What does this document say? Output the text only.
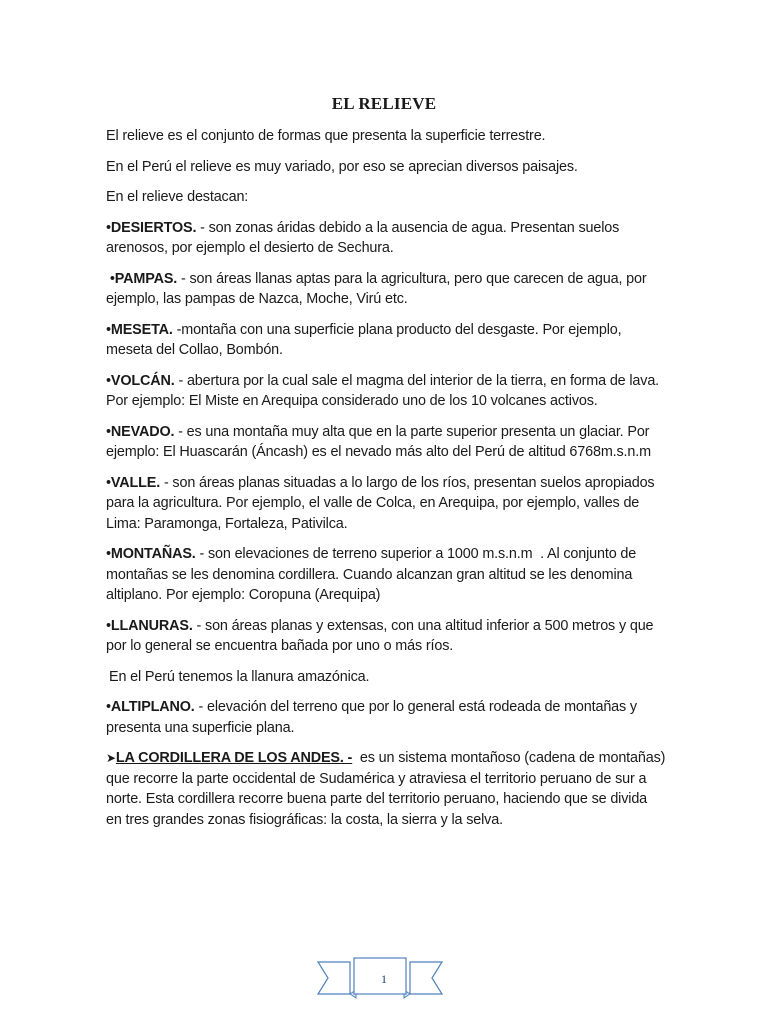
EL RELIEVE

El relieve es el conjunto de formas que presenta la superficie terrestre.

En el Perú el relieve es muy variado, por eso se aprecian diversos paisajes.

En el relieve destacan:

•DESIERTOS. - son zonas áridas debido a la ausencia de agua. Presentan suelos arenosos, por ejemplo el desierto de Sechura.

•PAMPAS. - son áreas llanas aptas para la agricultura, pero que carecen de agua, por ejemplo, las pampas de Nazca, Moche, Virú etc.

•MESETA. -montaña con una superficie plana producto del desgaste. Por ejemplo, meseta del Collao, Bombón.

•VOLCÁN. - abertura por la cual sale el magma del interior de la tierra, en forma de lava. Por ejemplo: El Miste en Arequipa considerado uno de los 10 volcanes activos.

•NEVADO. - es una montaña muy alta que en la parte superior presenta un glaciar. Por ejemplo: El Huascarán (Áncash) es el nevado más alto del Perú de altitud 6768m.s.n.m

•VALLE. - son áreas planas situadas a lo largo de los ríos, presentan suelos apropiados para la agricultura. Por ejemplo, el valle de Colca, en Arequipa, por ejemplo, valles de Lima: Paramonga, Fortaleza, Pativilca.

•MONTAÑAS. - son elevaciones de terreno superior a 1000 m.s.n.m  . Al conjunto de montañas se les denomina cordillera. Cuando alcanzan gran altitud se les denomina altiplano. Por ejemplo: Coropuna (Arequipa)

•LLANURAS. - son áreas planas y extensas, con una altitud inferior a 500 metros y que por lo general se encuentra bañada por uno o más ríos.

En el Perú tenemos la llanura amazónica.

•ALTIPLANO. - elevación del terreno que por lo general está rodeada de montañas y presenta una superficie plana.

➤LA CORDILLERA DE LOS ANDES. -  es un sistema montañoso (cadena de montañas) que recorre la parte occidental de Sudamérica y atraviesa el territorio peruano de sur a norte. Esta cordillera recorre buena parte del territorio peruano, haciendo que se divida en tres grandes zonas fisiográficas: la costa, la sierra y la selva.

1
